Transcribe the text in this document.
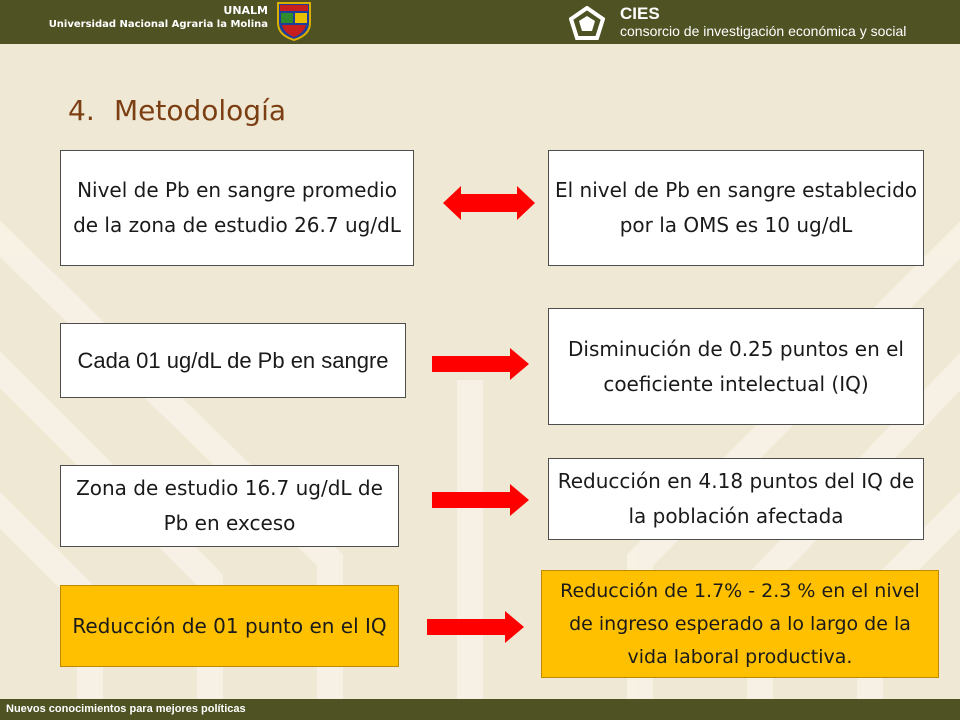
UNALM
Universidad Nacional Agraria la Molina
CIES
consorcio de investigación económica y social
4. Metodología
Nivel de Pb en sangre promedio de la zona de estudio 26.7 ug/dL
El nivel de Pb en sangre establecido por la OMS es 10 ug/dL
Cada 01 ug/dL de Pb en sangre	Disminución de 0.25 puntos en el coeficiente intelectual (IQ)
Zona de estudio 16.7 ug/dL de Pb en exceso
Reducción en 4.18 puntos del IQ de la población afectada
Reducción de 01 punto en el IQ
Reducción de 1.7% - 2.3 % en el nivel de ingreso esperado a lo largo de la vida laboral productiva.
Nuevos conocimientos para mejores políticas
